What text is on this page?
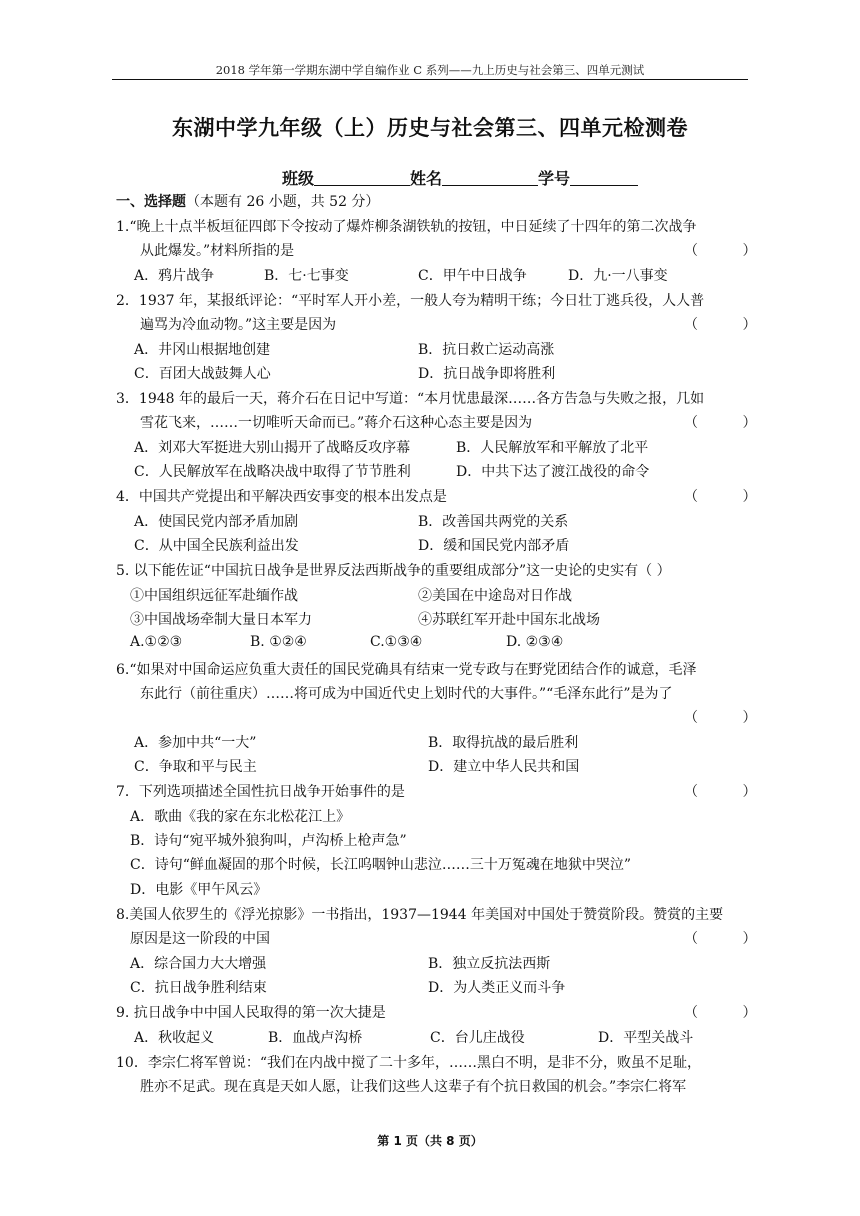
2018 学年第一学期东湖中学自编作业 C 系列——九上历史与社会第三、四单元测试
东湖中学九年级（上）历史与社会第三、四单元检测卷
班级	姓名	学号
一、选择题（本题有 26 小题，共 52 分）
1.“晚上十点半板垣征四郎下令按动了爆炸柳条湖铁轨的按钮，中日延续了十四年的第二次战争
从此爆发。”材料所指的是	（          ）
A．鸦片战争	B．七·七事变	C．甲午中日战争	D．九·一八事变
2．1937 年，某报纸评论：“平时军人开小差，一般人夸为精明干练；今日壮丁逃兵役，人人普
遍骂为冷血动物。”这主要是因为	（          ）
A．井冈山根据地创建	B．抗日救亡运动高涨
C．百团大战鼓舞人心	D．抗日战争即将胜利
3．1948 年的最后一天，蒋介石在日记中写道：“本月忧患最深……各方告急与失败之报，几如
雪花飞来，……一切唯听天命而已。”蒋介石这种心态主要是因为	（          ）
A．刘邓大军挺进大别山揭开了战略反攻序幕	B．人民解放军和平解放了北平
C．人民解放军在战略决战中取得了节节胜利	D．中共下达了渡江战役的命令
4．中国共产党提出和平解决西安事变的根本出发点是	（          ）
A．使国民党内部矛盾加剧	B．改善国共两党的关系
C．从中国全民族利益出发	D．缓和国民党内部矛盾
5. 以下能佐证“中国抗日战争是世界反法西斯战争的重要组成部分”这一史论的史实有（ ）
①中国组织远征军赴缅作战	②美国在中途岛对日作战
③中国战场牵制大量日本军力	④苏联红军开赴中国东北战场
A.①②③	B. ①②④	C.①③④	D. ②③④
6.“如果对中国命运应负重大责任的国民党确具有结束一党专政与在野党团结合作的诚意，毛泽
东此行（前往重庆）……将可成为中国近代史上划时代的大事件。”“毛泽东此行”是为了
（          ）
A．参加中共“一大”	B．取得抗战的最后胜利
C．争取和平与民主	D．建立中华人民共和国
7．下列选项描述全国性抗日战争开始事件的是	（          ）
A．歌曲《我的家在东北松花江上》
B．诗句“宛平城外狼狗叫，卢沟桥上枪声急”
C．诗句“鲜血凝固的那个时候，长江呜咽钟山悲泣……三十万冤魂在地狱中哭泣”
D．电影《甲午风云》
8.美国人依罗生的《浮光掠影》一书指出，1937—1944 年美国对中国处于赞赏阶段。赞赏的主要
原因是这一阶段的中国	（          ）
A．综合国力大大增强	B．独立反抗法西斯
C．抗日战争胜利结束	D．为人类正义而斗争
9. 抗日战争中中国人民取得的第一次大捷是	（          ）
A．秋收起义	B．血战卢沟桥	C．台儿庄战役	D．平型关战斗
10．李宗仁将军曾说：“我们在内战中搅了二十多年，……黑白不明，是非不分，败虽不足耻，
胜亦不足武。现在真是天如人愿，让我们这些人这辈子有个抗日救国的机会。”李宗仁将军
第 1 页（共 8 页）
